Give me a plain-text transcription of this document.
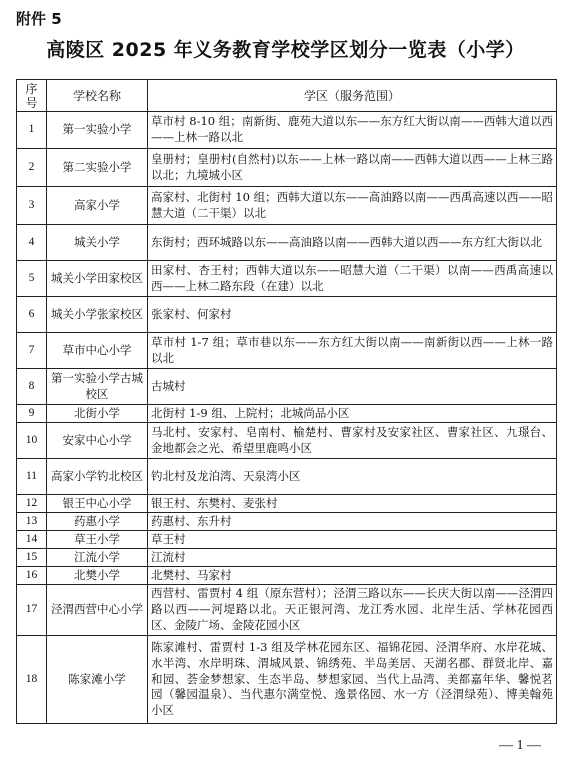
附件 5
高陵区 2025 年义务教育学校学区划分一览表（小学）
序号	学校名称	学区（服务范围）
1	第一实验小学	草市村 8-10 组；南新街、鹿苑大道以东——东方红大街以南——西韩大道以西——上林一路以北
2	第二实验小学	皇册村；皇册村(自然村)以东——上林一路以南——西韩大道以西——上林三路以北；九境城小区
3	高家小学	高家村、北街村 10 组；西韩大道以东——高油路以南——西禹高速以西——昭慧大道（二干渠）以北
4	城关小学	东街村；西环城路以东——高油路以南——西韩大道以西——东方红大街以北
5	城关小学田家校区	田家村、杏王村；西韩大道以东——昭慧大道（二干渠）以南——西禹高速以西——上林二路东段（在建）以北
6	城关小学张家校区	张家村、何家村
7	草市中心小学	草市村 1-7 组；草市巷以东——东方红大街以南——南新街以西——上林一路以北
8	第一实验小学古城校区	古城村
9	北街小学	北街村 1-9 组、上院村；北城尚品小区
10	安家中心小学	马北村、安家村、皂南村、榆楚村、曹家村及安家社区、曹家社区、九璟台、金地都会之光、希望里鹿鸣小区
11	高家小学钓北校区	钓北村及龙泊湾、天泉湾小区
12	银王中心小学	银王村、东樊村、麦张村
13	药惠小学	药惠村、东升村
14	草王小学	草王村
15	江流小学	江流村
16	北樊小学	北樊村、马家村
17	泾渭西营中心小学	西营村、雷贾村 4 组（原东营村）；泾渭三路以东——长庆大街以南——泾渭四路以西——河堤路以北。天正银河湾、龙江秀水园、北岸生活、学林花园西区、金陵广场、金陵花园小区
18	陈家滩小学	陈家滩村、雷贾村 1-3 组及学林花园东区、福锦花园、泾渭华府、水岸花城、水半湾、水岸明珠、渭城风景、锦绣苑、半岛美居、天湖名郡、群贤北岸、嘉和园、荟金梦想家、生态半岛、梦想家园、当代上品湾、美都嘉年华、馨悦茗园（馨园温泉）、当代惠尔满堂悦、逸景佲园、水一方（泾渭绿苑）、博美翰苑小区
— 1 —
